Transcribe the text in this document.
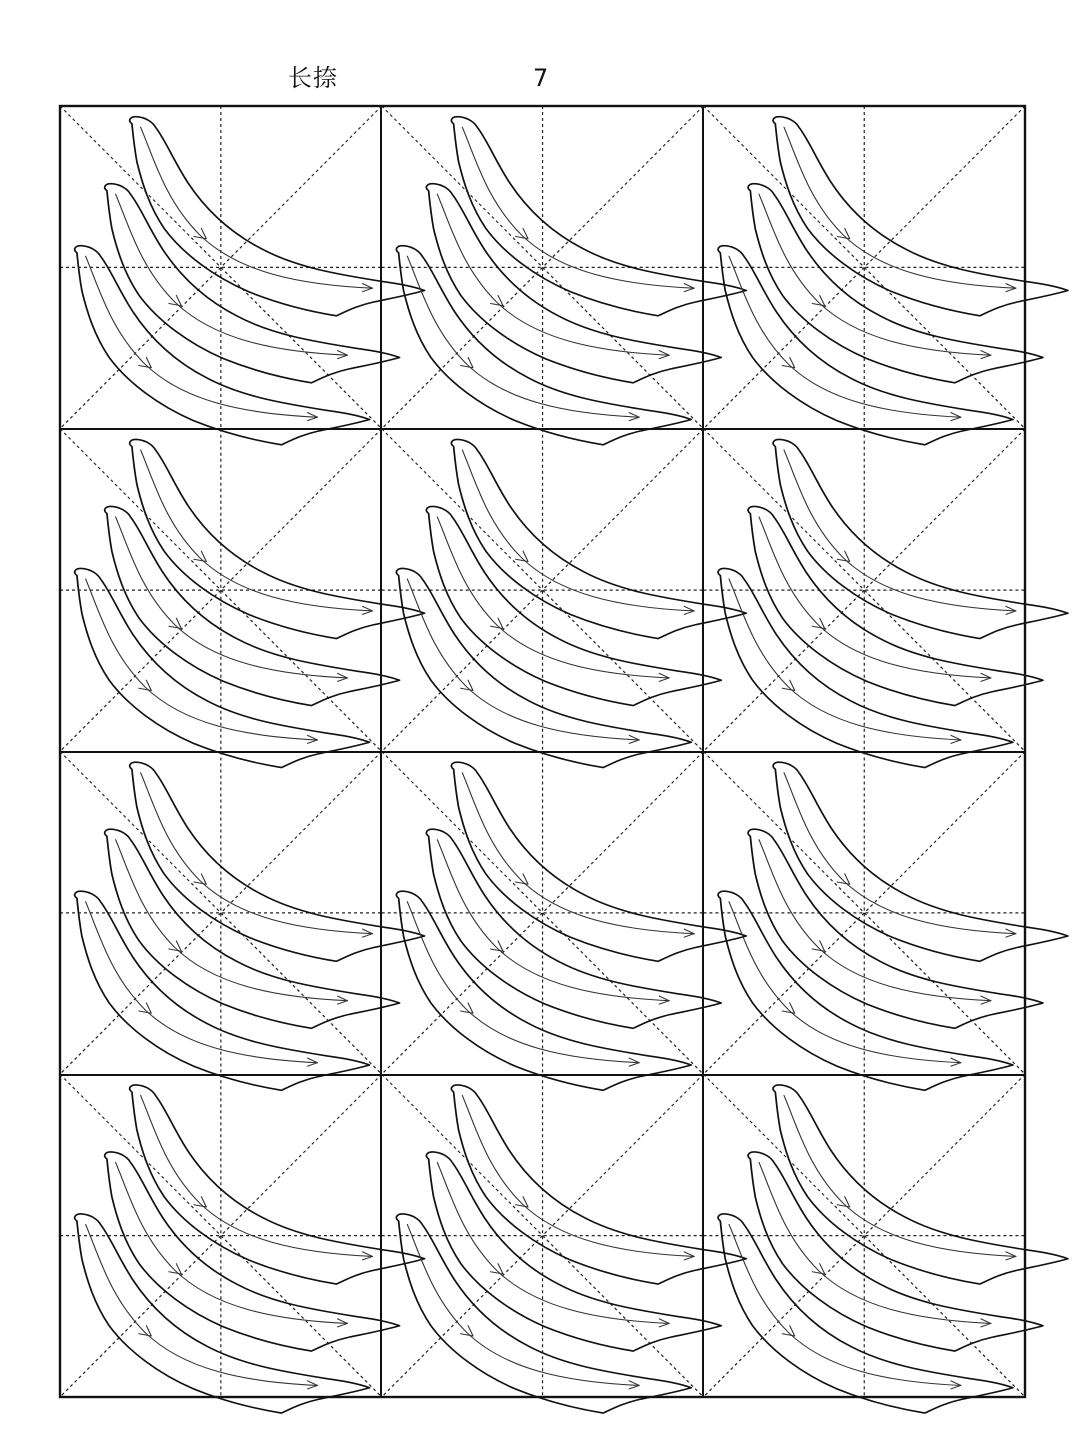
长捺	7
